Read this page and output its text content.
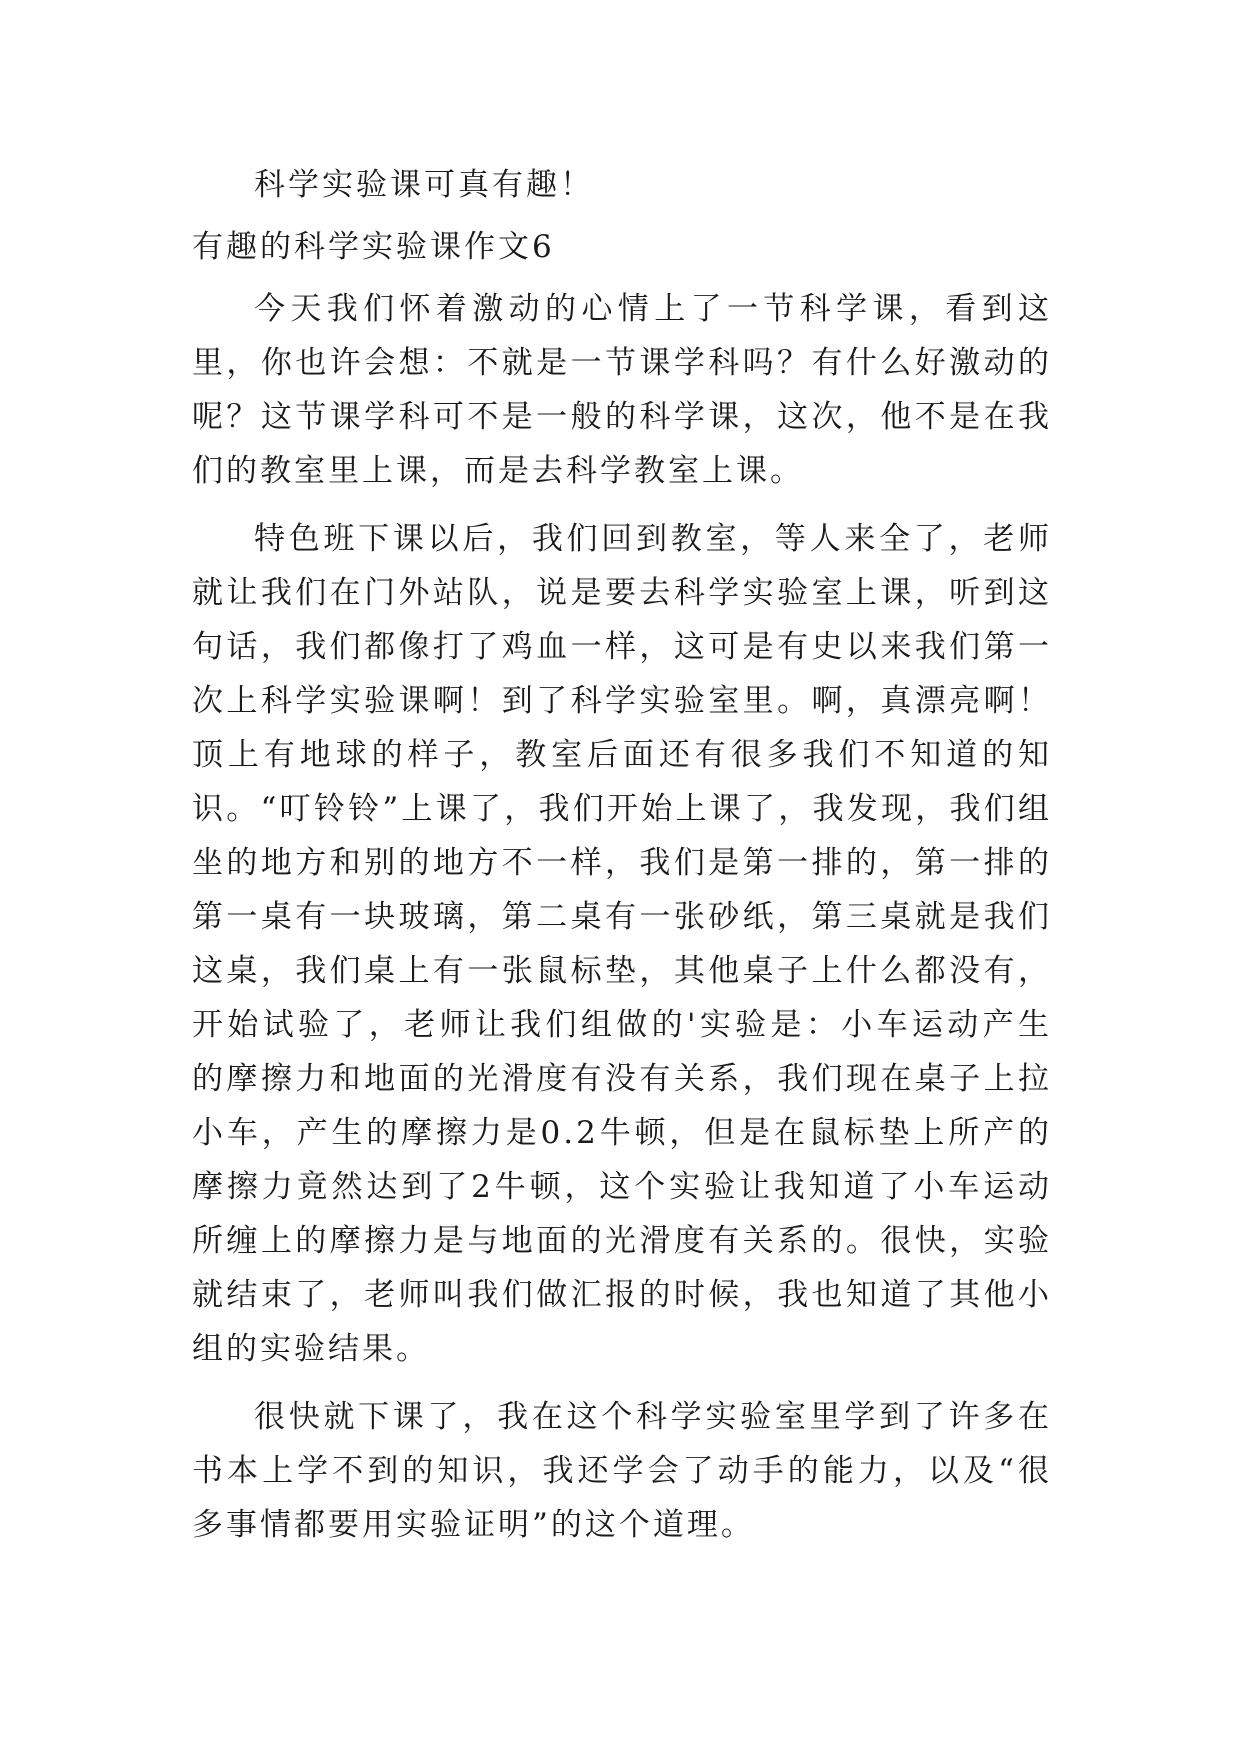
科学实验课可真有趣！

有趣的科学实验课作文6

今天我们怀着激动的心情上了一节科学课，看到这里，你也许会想：不就是一节课学科吗？有什么好激动的呢？这节课学科可不是一般的科学课，这次，他不是在我们的教室里上课，而是去科学教室上课。

特色班下课以后，我们回到教室，等人来全了，老师就让我们在门外站队，说是要去科学实验室上课，听到这句话，我们都像打了鸡血一样，这可是有史以来我们第一次上科学实验课啊！到了科学实验室里。啊，真漂亮啊！顶上有地球的样子，教室后面还有很多我们不知道的知识。“叮铃铃”上课了，我们开始上课了，我发现，我们组坐的地方和别的地方不一样，我们是第一排的，第一排的第一桌有一块玻璃，第二桌有一张砂纸，第三桌就是我们这桌，我们桌上有一张鼠标垫，其他桌子上什么都没有，开始试验了，老师让我们组做的'实验是：小车运动产生的摩擦力和地面的光滑度有没有关系，我们现在桌子上拉小车，产生的摩擦力是0.2牛顿，但是在鼠标垫上所产的摩擦力竟然达到了2牛顿，这个实验让我知道了小车运动所缠上的摩擦力是与地面的光滑度有关系的。很快，实验就结束了，老师叫我们做汇报的时候，我也知道了其他小组的实验结果。

很快就下课了，我在这个科学实验室里学到了许多在书本上学不到的知识，我还学会了动手的能力，以及“很多事情都要用实验证明”的这个道理。
